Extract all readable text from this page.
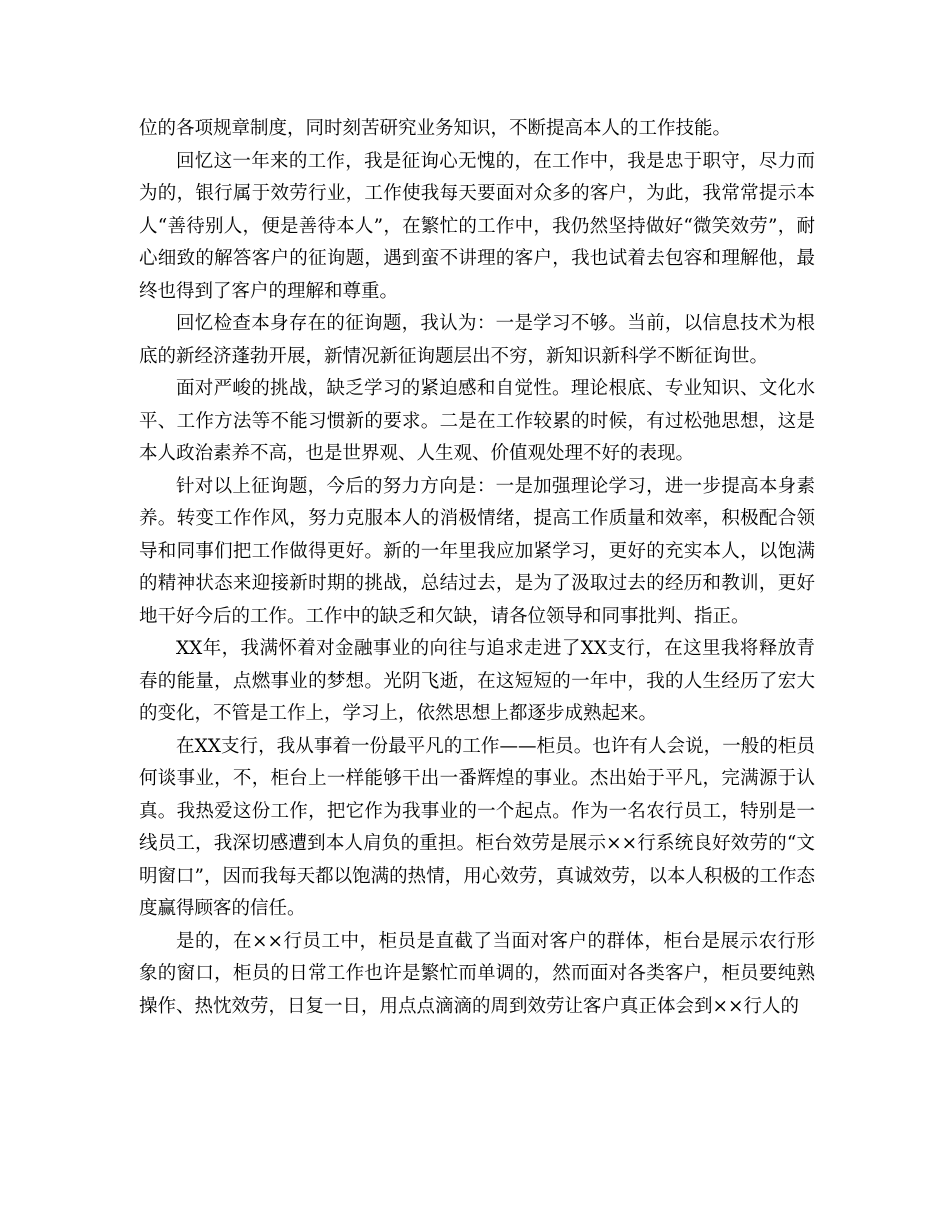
位的各项规章制度，同时刻苦研究业务知识，不断提高本人的工作技能。

回忆这一年来的工作，我是征询心无愧的，在工作中，我是忠于职守，尽力而为的，银行属于效劳行业，工作使我每天要面对众多的客户，为此，我常常提示本人“善待别人，便是善待本人”，在繁忙的工作中，我仍然坚持做好“微笑效劳”，耐心细致的解答客户的征询题，遇到蛮不讲理的客户，我也试着去包容和理解他，最终也得到了客户的理解和尊重。

回忆检查本身存在的征询题，我认为：一是学习不够。当前，以信息技术为根底的新经济蓬勃开展，新情况新征询题层出不穷，新知识新科学不断征询世。

面对严峻的挑战，缺乏学习的紧迫感和自觉性。理论根底、专业知识、文化水平、工作方法等不能习惯新的要求。二是在工作较累的时候，有过松弛思想，这是本人政治素养不高，也是世界观、人生观、价值观处理不好的表现。

针对以上征询题，今后的努力方向是：一是加强理论学习，进一步提高本身素养。转变工作作风，努力克服本人的消极情绪，提高工作质量和效率，积极配合领导和同事们把工作做得更好。新的一年里我应加紧学习，更好的充实本人，以饱满的精神状态来迎接新时期的挑战，总结过去，是为了汲取过去的经历和教训，更好地干好今后的工作。工作中的缺乏和欠缺，请各位领导和同事批判、指正。

XX年，我满怀着对金融事业的向往与追求走进了XX支行，在这里我将释放青春的能量，点燃事业的梦想。光阴飞逝，在这短短的一年中，我的人生经历了宏大的变化，不管是工作上，学习上，依然思想上都逐步成熟起来。

在XX支行，我从事着一份最平凡的工作——柜员。也许有人会说，一般的柜员何谈事业，不，柜台上一样能够干出一番辉煌的事业。杰出始于平凡，完满源于认真。我热爱这份工作，把它作为我事业的一个起点。作为一名农行员工，特别是一线员工，我深切感遭到本人肩负的重担。柜台效劳是展示××行系统良好效劳的“文明窗口”，因而我每天都以饱满的热情，用心效劳，真诚效劳，以本人积极的工作态度赢得顾客的信任。

是的，在××行员工中，柜员是直截了当面对客户的群体，柜台是展示农行形象的窗口，柜员的日常工作也许是繁忙而单调的，然而面对各类客户，柜员要纯熟操作、热忱效劳，日复一日，用点点滴滴的周到效劳让客户真正体会到××行人的
